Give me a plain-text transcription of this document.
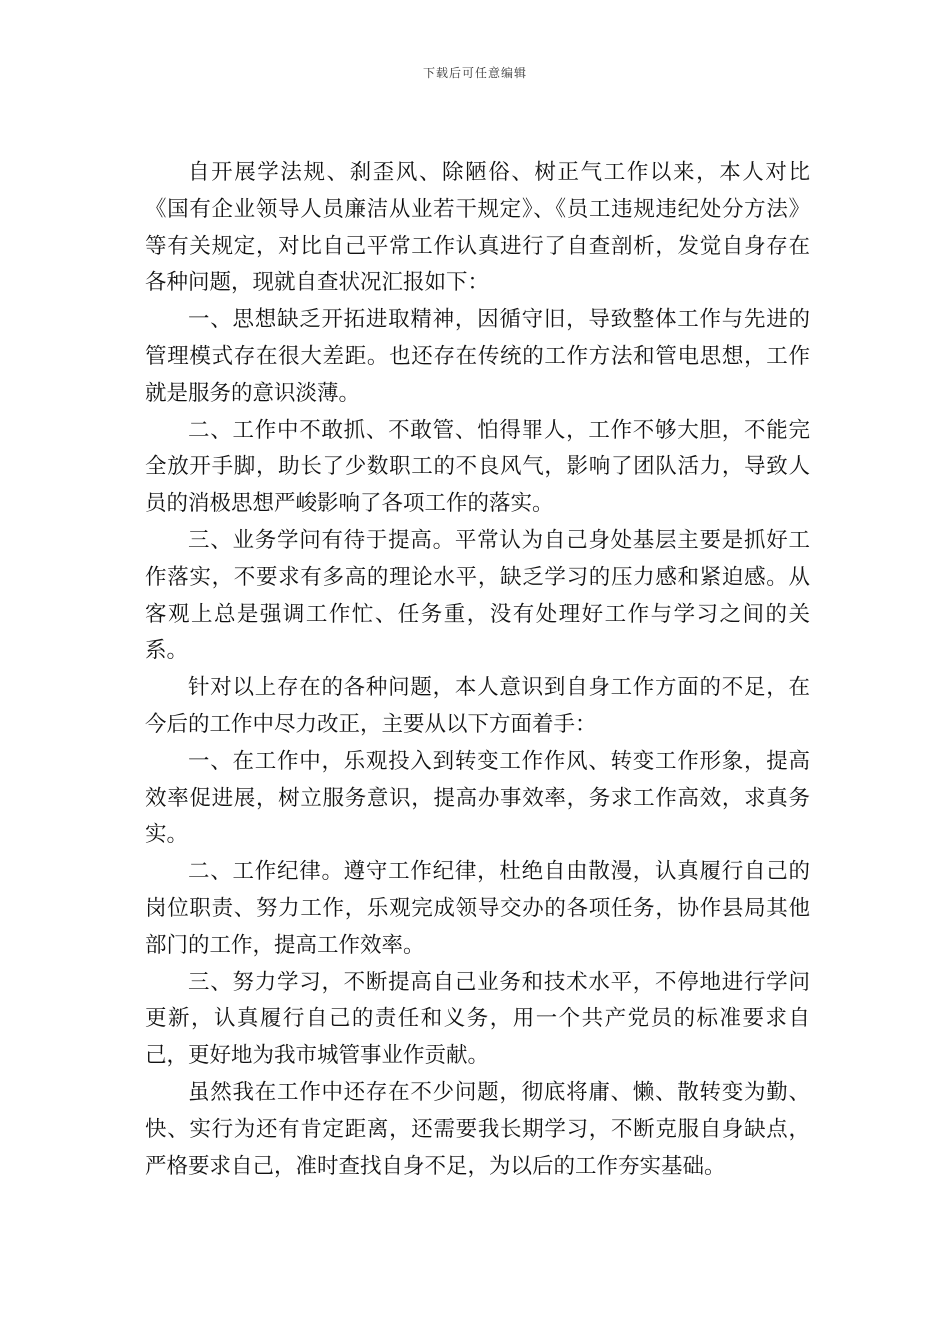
下载后可任意编辑

自开展学法规、刹歪风、除陋俗、树正气工作以来，本人对比《国有企业领导人员廉洁从业若干规定》、《员工违规违纪处分方法》等有关规定，对比自己平常工作认真进行了自查剖析，发觉自身存在各种问题，现就自查状况汇报如下：

一、思想缺乏开拓进取精神，因循守旧，导致整体工作与先进的管理模式存在很大差距。也还存在传统的工作方法和管电思想，工作就是服务的意识淡薄。

二、工作中不敢抓、不敢管、怕得罪人，工作不够大胆，不能完全放开手脚，助长了少数职工的不良风气，影响了团队活力，导致人员的消极思想严峻影响了各项工作的落实。

三、业务学问有待于提高。平常认为自己身处基层主要是抓好工作落实，不要求有多高的理论水平，缺乏学习的压力感和紧迫感。从客观上总是强调工作忙、任务重，没有处理好工作与学习之间的关系。

针对以上存在的各种问题，本人意识到自身工作方面的不足，在今后的工作中尽力改正，主要从以下方面着手：

一、在工作中，乐观投入到转变工作作风、转变工作形象，提高效率促进展，树立服务意识，提高办事效率，务求工作高效，求真务实。

二、工作纪律。遵守工作纪律，杜绝自由散漫，认真履行自己的岗位职责、努力工作，乐观完成领导交办的各项任务，协作县局其他部门的工作，提高工作效率。

三、努力学习，不断提高自己业务和技术水平，不停地进行学问更新，认真履行自己的责任和义务，用一个共产党员的标准要求自己，更好地为我市城管事业作贡献。

虽然我在工作中还存在不少问题，彻底将庸、懒、散转变为勤、快、实行为还有肯定距离，还需要我长期学习，不断克服自身缺点，严格要求自己，准时查找自身不足，为以后的工作夯实基础。
